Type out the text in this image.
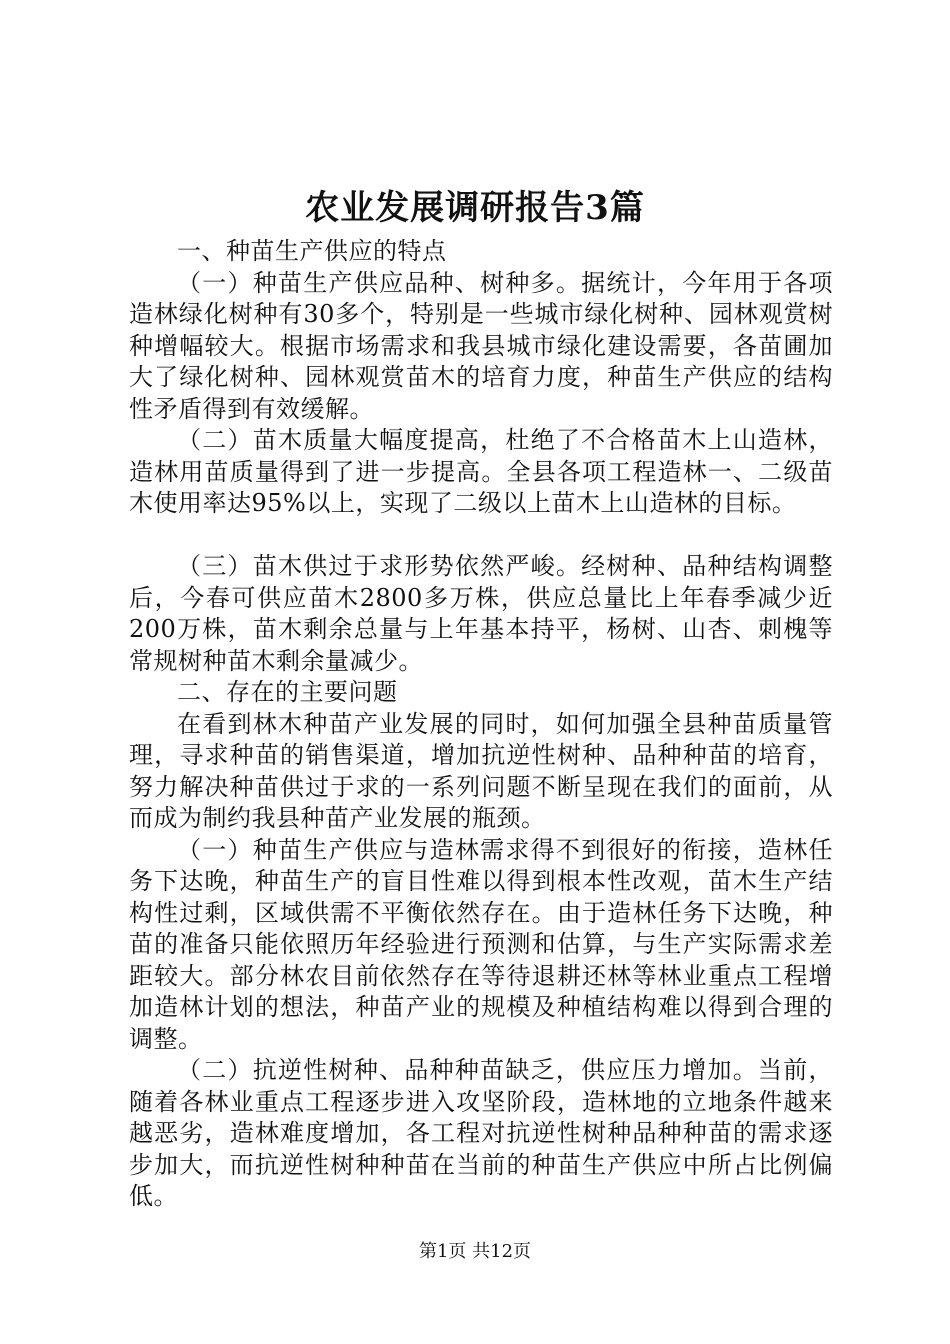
农业发展调研报告3篇

一、种苗生产供应的特点

（一）种苗生产供应品种、树种多。据统计，今年用于各项造林绿化树种有30多个，特别是一些城市绿化树种、园林观赏树种增幅较大。根据市场需求和我县城市绿化建设需要，各苗圃加大了绿化树种、园林观赏苗木的培育力度，种苗生产供应的结构性矛盾得到有效缓解。

（二）苗木质量大幅度提高，杜绝了不合格苗木上山造林，造林用苗质量得到了进一步提高。全县各项工程造林一、二级苗木使用率达95%以上，实现了二级以上苗木上山造林的目标。

（三）苗木供过于求形势依然严峻。经树种、品种结构调整后，今春可供应苗木2800多万株，供应总量比上年春季减少近200万株，苗木剩余总量与上年基本持平，杨树、山杏、刺槐等常规树种苗木剩余量减少。

二、存在的主要问题

在看到林木种苗产业发展的同时，如何加强全县种苗质量管理，寻求种苗的销售渠道，增加抗逆性树种、品种种苗的培育，努力解决种苗供过于求的一系列问题不断呈现在我们的面前，从而成为制约我县种苗产业发展的瓶颈。

（一）种苗生产供应与造林需求得不到很好的衔接，造林任务下达晚，种苗生产的盲目性难以得到根本性改观，苗木生产结构性过剩，区域供需不平衡依然存在。由于造林任务下达晚，种苗的准备只能依照历年经验进行预测和估算，与生产实际需求差距较大。部分林农目前依然存在等待退耕还林等林业重点工程增加造林计划的想法，种苗产业的规模及种植结构难以得到合理的调整。

（二）抗逆性树种、品种种苗缺乏，供应压力增加。当前，随着各林业重点工程逐步进入攻坚阶段，造林地的立地条件越来越恶劣，造林难度增加，各工程对抗逆性树种品种种苗的需求逐步加大，而抗逆性树种种苗在当前的种苗生产供应中所占比例偏低。

第1页 共12页
